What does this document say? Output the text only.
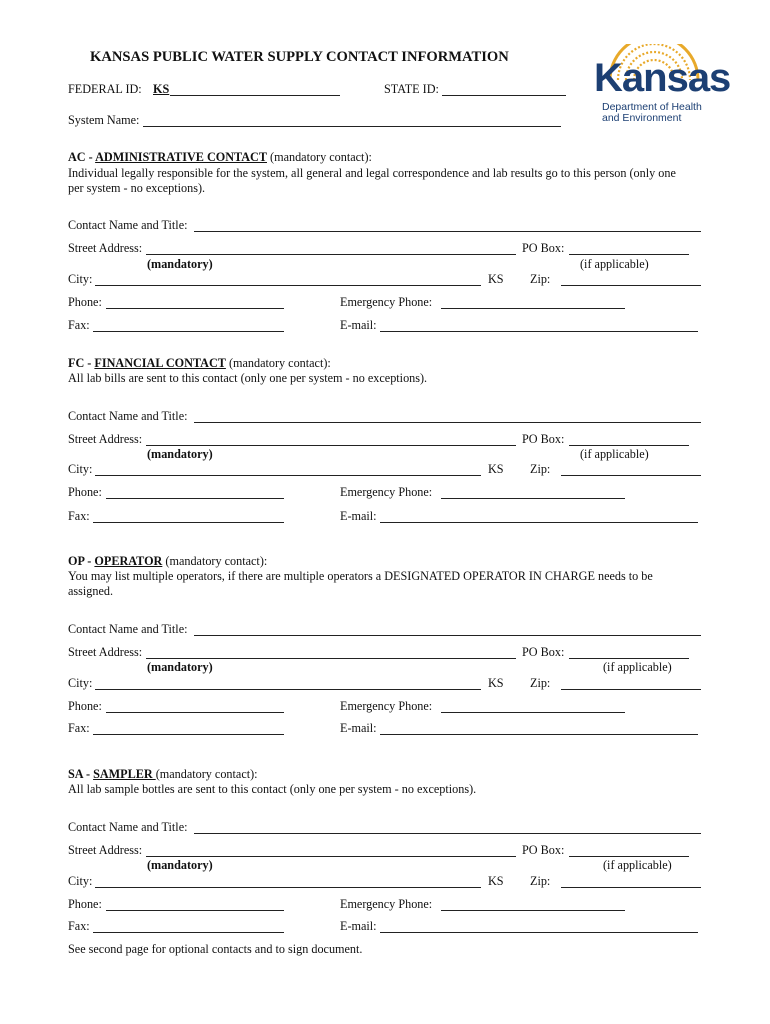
KANSAS PUBLIC WATER SUPPLY CONTACT INFORMATION
FEDERAL ID: KS	STATE ID:
System Name:
Kansas
Department of Health
and Environment
AC - ADMINISTRATIVE CONTACT (mandatory contact):
Individual legally responsible for the system, all general and legal correspondence and lab results go to this person (only one
per system - no exceptions).
Contact Name and Title:
Street Address:	PO Box:
(mandatory)	(if applicable)
City:	KS Zip:
Phone:	Emergency Phone:
Fax:	E-mail:
FC - FINANCIAL CONTACT (mandatory contact):
All lab bills are sent to this contact (only one per system - no exceptions).
Contact Name and Title:
Street Address:	PO Box:
(mandatory)	(if applicable)
City:	KS Zip:
Phone:	Emergency Phone:
Fax:	E-mail:
OP - OPERATOR (mandatory contact):
You may list multiple operators, if there are multiple operators a DESIGNATED OPERATOR IN CHARGE needs to be
assigned.
Contact Name and Title:
Street Address:	PO Box:
(mandatory)	(if applicable)
City:	KS Zip:
Phone:	Emergency Phone:
Fax:	E-mail:
SA - SAMPLER (mandatory contact):
All lab sample bottles are sent to this contact (only one per system - no exceptions).
Contact Name and Title:
Street Address:	PO Box:
(mandatory)	(if applicable)
City:	KS Zip:
Phone:	Emergency Phone:
Fax:	E-mail:
See second page for optional contacts and to sign document.
